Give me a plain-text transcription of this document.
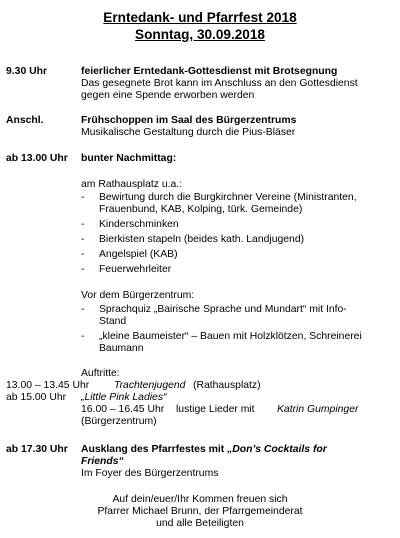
Erntedank- und Pfarrfest 2018
Sonntag, 30.09.2018
9.30 Uhr	feierlicher Erntedank-Gottesdienst mit Brotsegnung
Das gesegnete Brot kann im Anschluss an den Gottesdienst
gegen eine Spende erworben werden
Anschl.	Frühschoppen im Saal des Bürgerzentrums
Musikalische Gestaltung durch die Pius-Bläser
ab 13.00 Uhr bunter Nachmittag:
am Rathausplatz u.a.:
- Bewirtung durch die Burgkirchner Vereine (Ministranten,
Frauenbund, KAB, Kolping, türk. Gemeinde)
- Kinderschminken
- Bierkisten stapeln (beides kath. Landjugend)
- Angelspiel (KAB)
- Feuerwehrleiter
Vor dem Bürgerzentrum:
- Sprachquiz „Bairische Sprache und Mundart“ mit Info-
Stand
- „kleine Baumeister“ – Bauen mit Holzklötzen, Schreinerei
Baumann
Auftritte:
13.00 – 13.45 Uhr Trachtenjugend (Rathausplatz)
ab 15.00 Uhr „Little Pink Ladies“
16.00 – 16.45 Uhr lustige Lieder mit Katrin Gumpinger
(Bürgerzentrum)
ab 17.30 Uhr Ausklang des Pfarrfestes mit „Don’s Cocktails for
Friends“
Im Foyer des Bürgerzentrums
Auf dein/euer/Ihr Kommen freuen sich
Pfarrer Michael Brunn, der Pfarrgemeinderat
und alle Beteiligten
